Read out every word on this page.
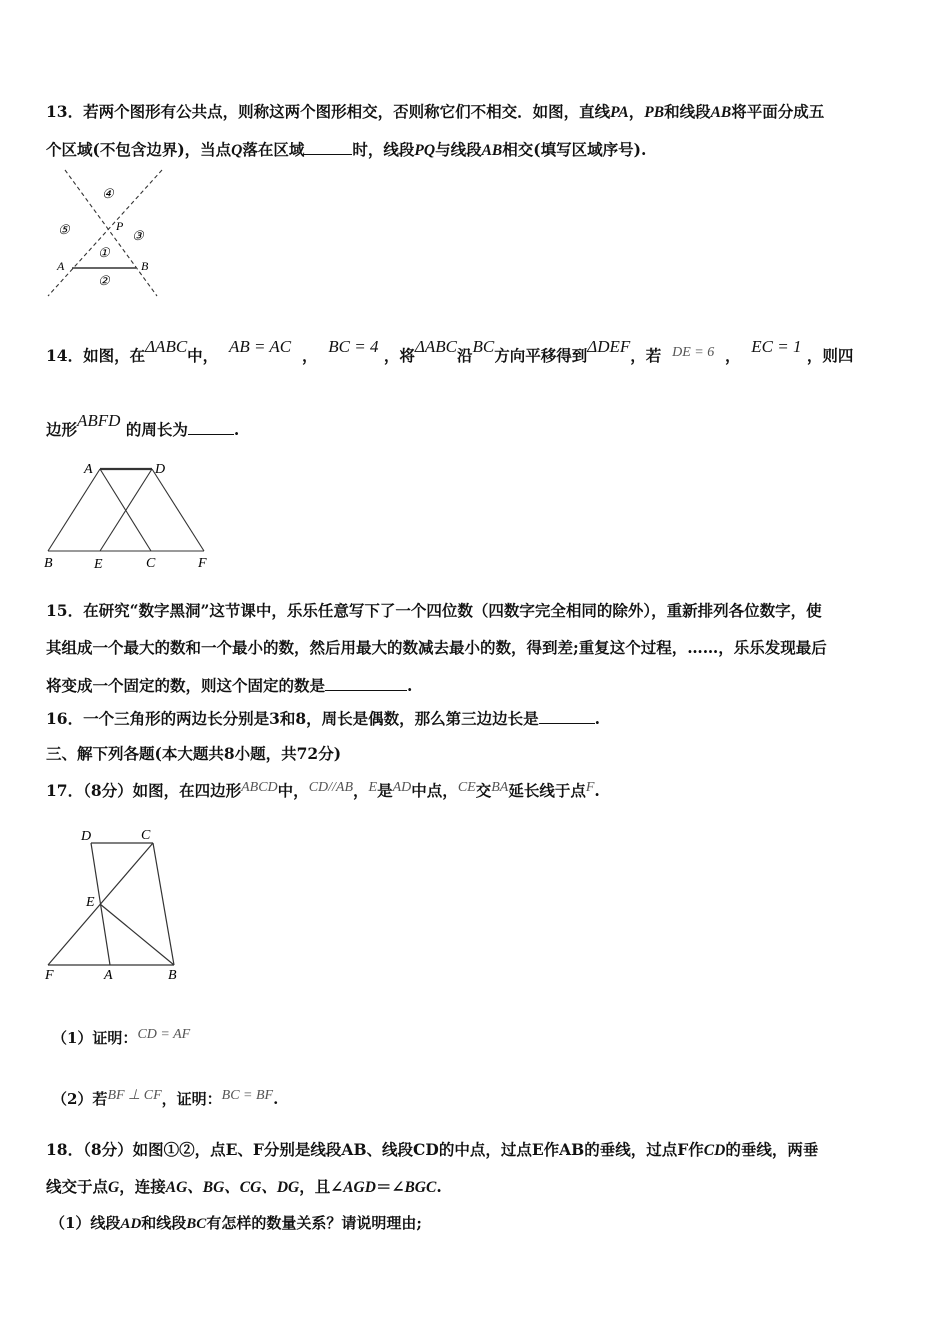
13．若两个图形有公共点，则称这两个图形相交，否则称它们不相交．如图，直线PA，PB和线段AB将平面分成五
个区域(不包含边界)，当点Q落在区域	时，线段PQ与线段AB相交(填写区域序号).
④
⑤	P
③
①
A	B
②
14．如图，在ΔABC中， AB = AC ， BC = 4 ，将ΔABC沿BC方向平移得到ΔDEF，若 DE = 6 ， EC = 1 ，则四
边形ABFD 的周长为	.
A	D
B	E	C	F
15．在研究“数字黑洞”这节课中，乐乐任意写下了一个四位数（四数字完全相同的除外），重新排列各位数字，使
其组成一个最大的数和一个最小的数，然后用最大的数减去最小的数，得到差;重复这个过程，……，乐乐发现最后
将变成一个固定的数，则这个固定的数是	.
16．一个三角形的两边长分别是3和8，周长是偶数，那么第三边边长是	.
三、解下列各题(本大题共8小题，共72分)
17．（8分）如图，在四边形ABCD中，CD//AB，E是AD中点，CE交BA延长线于点F.
D	C
E
F	A	B
（1）证明：CD = AF
（2）若BF ⊥ CF，证明：BC = BF.
18．（8分）如图①②，点E、F分别是线段AB、线段CD的中点，过点E作AB的垂线，过点F作CD的垂线，两垂
线交于点G，连接AG、BG、CG、DG，且∠AGD＝∠BGC.
（1）线段AD和线段BC有怎样的数量关系？请说明理由;
